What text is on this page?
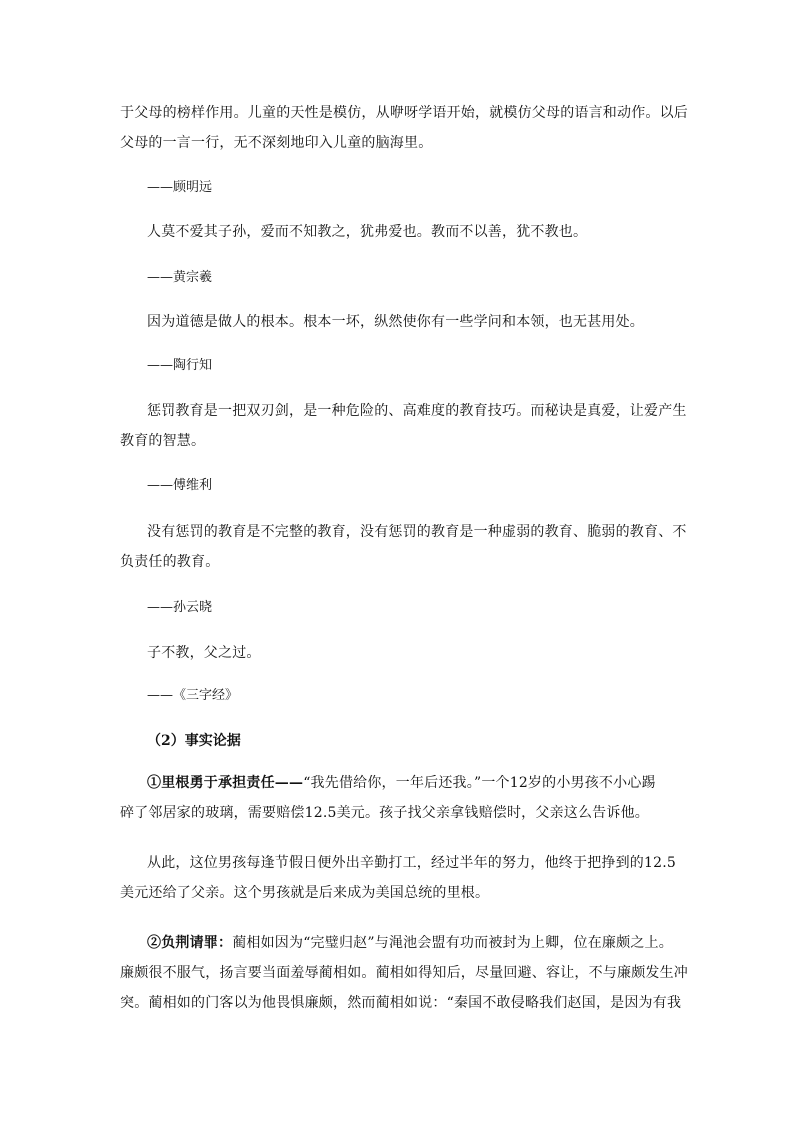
于父母的榜样作用。儿童的天性是模仿，从咿呀学语开始，就模仿父母的语言和动作。以后
父母的一言一行，无不深刻地印入儿童的脑海里。

——顾明远

人莫不爱其子孙，爱而不知教之，犹弗爱也。教而不以善，犹不教也。

——黄宗羲

因为道德是做人的根本。根本一坏，纵然使你有一些学问和本领，也无甚用处。

——陶行知

惩罚教育是一把双刃剑，是一种危险的、高难度的教育技巧。而秘诀是真爱，让爱产生
教育的智慧。

——傅维利

没有惩罚的教育是不完整的教育，没有惩罚的教育是一种虚弱的教育、脆弱的教育、不
负责任的教育。

——孙云晓

子不教，父之过。

——《三字经》

（2）事实论据

①里根勇于承担责任——“我先借给你，一年后还我。”一个12岁的小男孩不小心踢
碎了邻居家的玻璃，需要赔偿12.5美元。孩子找父亲拿钱赔偿时，父亲这么告诉他。

从此，这位男孩每逢节假日便外出辛勤打工，经过半年的努力，他终于把挣到的12.5
美元还给了父亲。这个男孩就是后来成为美国总统的里根。

②负荆请罪：蔺相如因为“完璧归赵”与渑池会盟有功而被封为上卿，位在廉颇之上。
廉颇很不服气，扬言要当面羞辱蔺相如。蔺相如得知后，尽量回避、容让，不与廉颇发生冲
突。蔺相如的门客以为他畏惧廉颇，然而蔺相如说：“秦国不敢侵略我们赵国，是因为有我
